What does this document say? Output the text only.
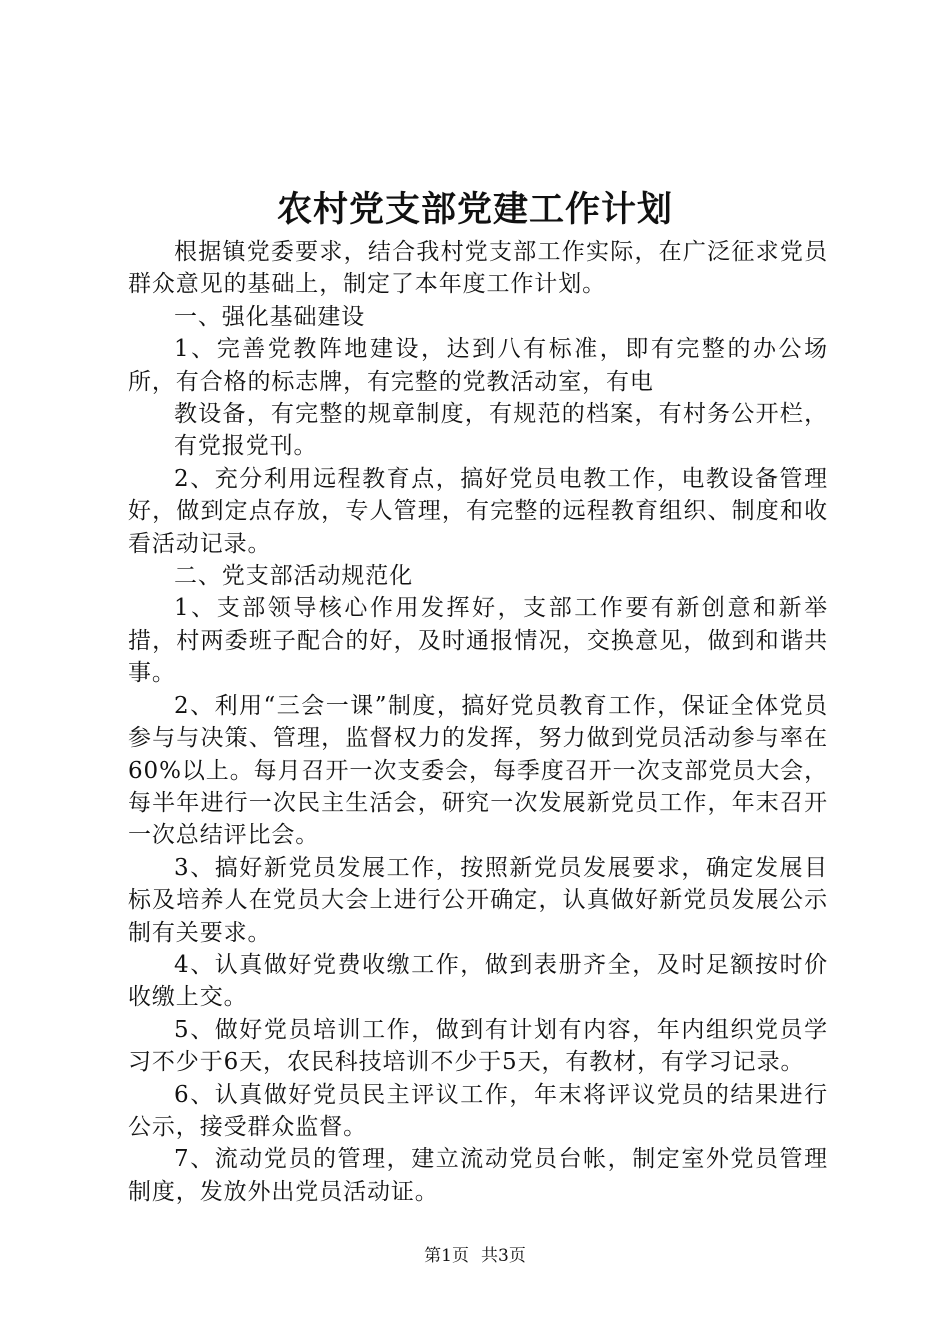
农村党支部党建工作计划

根据镇党委要求，结合我村党支部工作实际，在广泛征求党员群众意见的基础上，制定了本年度工作计划。

一、强化基础建设

1、完善党教阵地建设，达到八有标准，即有完整的办公场所，有合格的标志牌，有完整的党教活动室，有电

教设备，有完整的规章制度，有规范的档案，有村务公开栏，有党报党刊。

2、充分利用远程教育点，搞好党员电教工作，电教设备管理好，做到定点存放，专人管理，有完整的远程教育组织、制度和收看活动记录。

二、党支部活动规范化

1、支部领导核心作用发挥好，支部工作要有新创意和新举措，村两委班子配合的好，及时通报情况，交换意见，做到和谐共事。

2、利用“三会一课”制度，搞好党员教育工作，保证全体党员参与与决策、管理，监督权力的发挥，努力做到党员活动参与率在60%以上。每月召开一次支委会，每季度召开一次支部党员大会，每半年进行一次民主生活会，研究一次发展新党员工作，年末召开一次总结评比会。

3、搞好新党员发展工作，按照新党员发展要求，确定发展目标及培养人在党员大会上进行公开确定，认真做好新党员发展公示制有关要求。

4、认真做好党费收缴工作，做到表册齐全，及时足额按时价收缴上交。

5、做好党员培训工作，做到有计划有内容，年内组织党员学习不少于6天，农民科技培训不少于5天，有教材，有学习记录。

6、认真做好党员民主评议工作，年末将评议党员的结果进行公示，接受群众监督。

7、流动党员的管理，建立流动党员台帐，制定室外党员管理制度，发放外出党员活动证。

第1页 共3页
